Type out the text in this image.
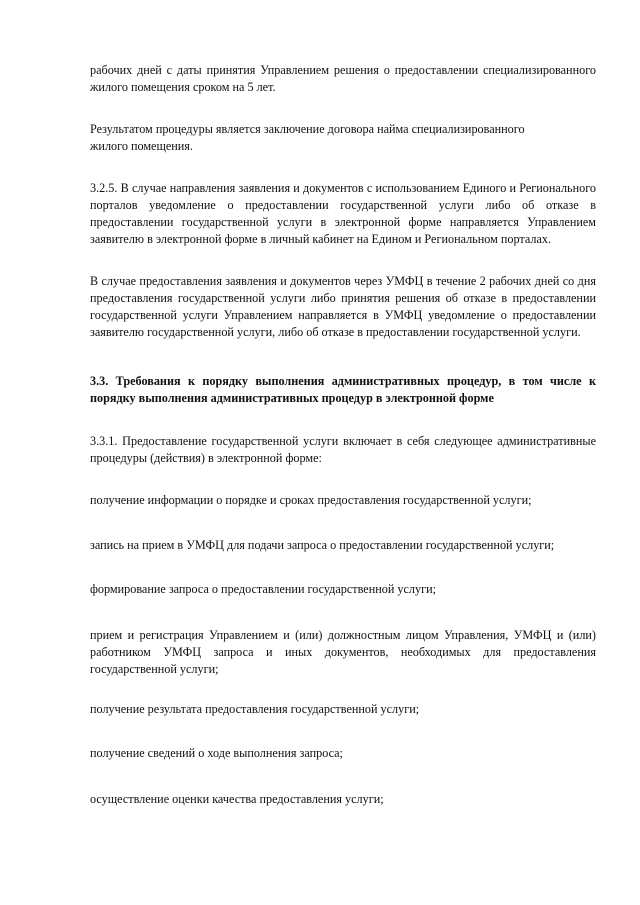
рабочих дней с даты принятия Управлением решения о предоставлении специализированного жилого помещения сроком на 5 лет.

Результатом процедуры является заключение договора найма специализированного жилого помещения.

3.2.5. В случае направления заявления и документов с использованием Единого и Регионального порталов уведомление о предоставлении государственной услуги либо об отказе в предоставлении государственной услуги в электронной форме направляется Управлением заявителю в электронной форме в личный кабинет на Едином и Региональном порталах.

В случае предоставления заявления и документов через УМФЦ в течение 2 рабочих дней со дня предоставления государственной услуги либо принятия решения об отказе в предоставлении государственной услуги Управлением направляется в УМФЦ уведомление о предоставлении заявителю государственной услуги, либо об отказе в предоставлении государственной услуги.

3.3. Требования к порядку выполнения административных процедур, в том числе к порядку выполнения административных процедур в электронной форме

3.3.1. Предоставление государственной услуги включает в себя следующее административные процедуры (действия) в электронной форме:

получение информации о порядке и сроках предоставления государственной услуги;

запись на прием в УМФЦ для подачи запроса о предоставлении государственной услуги;

формирование запроса о предоставлении государственной услуги;

прием и регистрация Управлением и (или) должностным лицом Управления, УМФЦ и (или) работником УМФЦ запроса и иных документов, необходимых для предоставления государственной услуги;

получение результата предоставления государственной услуги;

получение сведений о ходе выполнения запроса;

осуществление оценки качества предоставления услуги;
